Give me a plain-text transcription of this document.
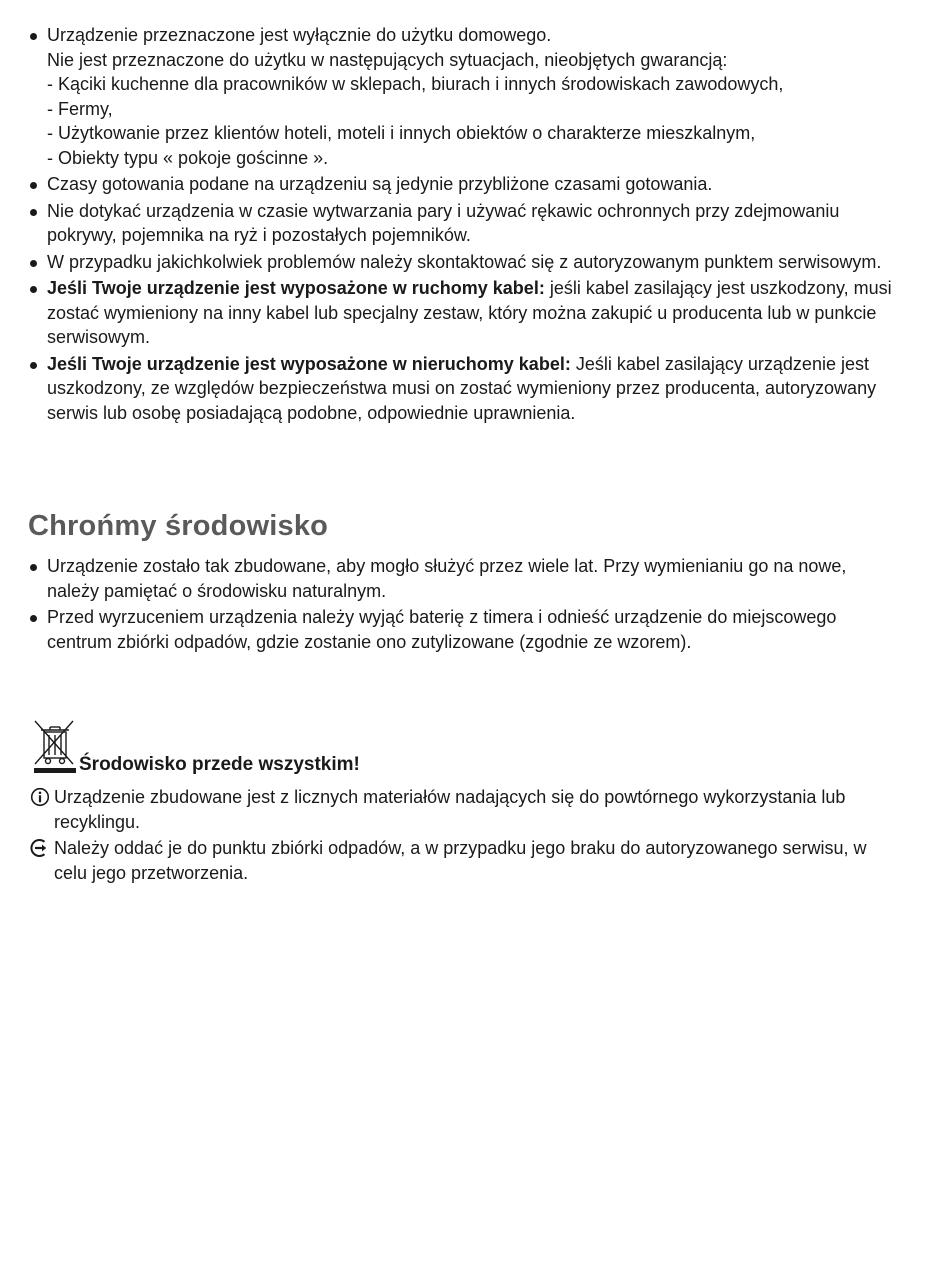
Urządzenie przeznaczone jest wyłącznie do użytku domowego.
Nie jest przeznaczone do użytku w następujących sytuacjach, nieobjętych gwarancją:
- Kąciki kuchenne dla pracowników w sklepach, biurach i innych środowiskach zawodowych,
- Fermy,
- Użytkowanie przez klientów hoteli, moteli i innych obiektów o charakterze mieszkalnym,
- Obiekty typu « pokoje gościnne ».
Czasy gotowania podane na urządzeniu są jedynie przybliżone czasami gotowania.
Nie dotykać urządzenia w czasie wytwarzania pary i używać rękawic ochronnych przy zdejmowaniu pokrywy, pojemnika na ryż i pozostałych pojemników.
W przypadku jakichkolwiek problemów należy skontaktować się z autoryzowanym punktem serwisowym.
Jeśli Twoje urządzenie jest wyposażone w ruchomy kabel: jeśli kabel zasilający jest uszkodzony, musi zostać wymieniony na inny kabel lub specjalny zestaw, który można zakupić u producenta lub w punkcie serwisowym.
Jeśli Twoje urządzenie jest wyposażone w nieruchomy kabel: Jeśli kabel zasilający urządzenie jest uszkodzony, ze względów bezpieczeństwa musi on zostać wymieniony przez producenta, autoryzowany serwis lub osobę posiadającą podobne, odpowiednie uprawnienia.
Chrońmy środowisko
Urządzenie zostało tak zbudowane, aby mogło służyć przez wiele lat. Przy wymienianiu go na nowe, należy pamiętać o środowisku naturalnym.
Przed wyrzuceniem urządzenia należy wyjąć baterię z timera i odnieść urządzenie do miejscowego centrum zbiórki odpadów, gdzie zostanie ono zutylizowane (zgodnie ze wzorem).
Środowisko przede wszystkim!
Urządzenie zbudowane jest z licznych materiałów nadających się do powtórnego wykorzystania lub recyklingu.
Należy oddać je do punktu zbiórki odpadów, a w przypadku jego braku do autoryzowanego serwisu, w celu jego przetworzenia.
